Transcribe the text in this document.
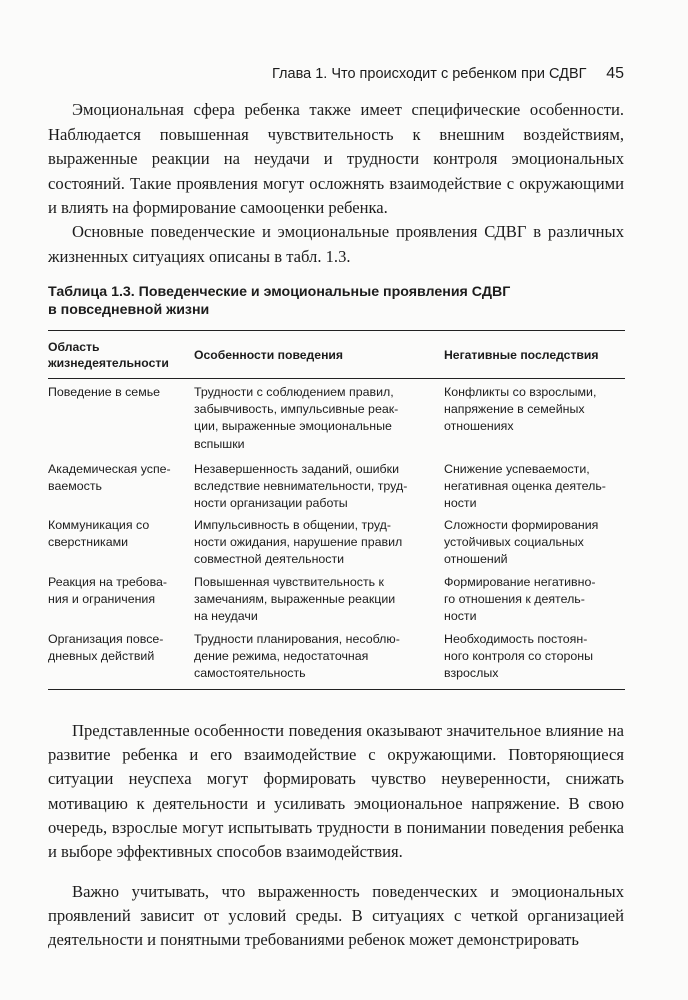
Глава 1. Что происходит с ребенком при СДВГ 45

Эмоциональная сфера ребенка также имеет специфические особенности. Наблюдается повышенная чувствительность к внешним воздействиям, выраженные реакции на неудачи и трудности контроля эмоциональных состояний. Такие проявления могут осложнять взаимодействие с окружающими и влиять на формирование самооценки ребенка.

Основные поведенческие и эмоциональные проявления СДВГ в различных жизненных ситуациях описаны в табл. 1.3.

Таблица 1.3. Поведенческие и эмоциональные проявления СДВГ
в повседневной жизни
Область
жизнедеятельности
Особенности поведения	Негативные последствия
Поведение в семье	Трудности с соблюдением правил,
забывчивость, импульсивные реак-
ции, выраженные эмоциональные
вспышки
Конфликты со взрослыми,
напряжение в семейных
отношениях
Академическая успе-
ваемость
Незавершенность заданий, ошибки
вследствие невнимательности, труд-
ности организации работы
Снижение успеваемости,
негативная оценка деятель-
ности
Коммуникация со
сверстниками
Импульсивность в общении, труд-
ности ожидания, нарушение правил
совместной деятельности
Сложности формирования
устойчивых социальных
отношений
Реакция на требова-
ния и ограничения
Повышенная чувствительность к
замечаниям, выраженные реакции
на неудачи
Формирование негативно-
го отношения к деятель-
ности
Организация повсе-
дневных действий
Трудности планирования, несоблю-
дение режима, недостаточная
самостоятельность
Необходимость постоян-
ного контроля со стороны
взрослых

Представленные особенности поведения оказывают значительное влияние на развитие ребенка и его взаимодействие с окружающими. Повторяющиеся ситуации неуспеха могут формировать чувство неуверенности, снижать мотивацию к деятельности и усиливать эмоциональное напряжение. В свою очередь, взрослые могут испытывать трудности в понимании поведения ребенка и выборе эффективных способов взаимодействия.

Важно учитывать, что выраженность поведенческих и эмоциональных проявлений зависит от условий среды. В ситуациях с четкой организацией деятельности и понятными требованиями ребенок может демонстрировать
